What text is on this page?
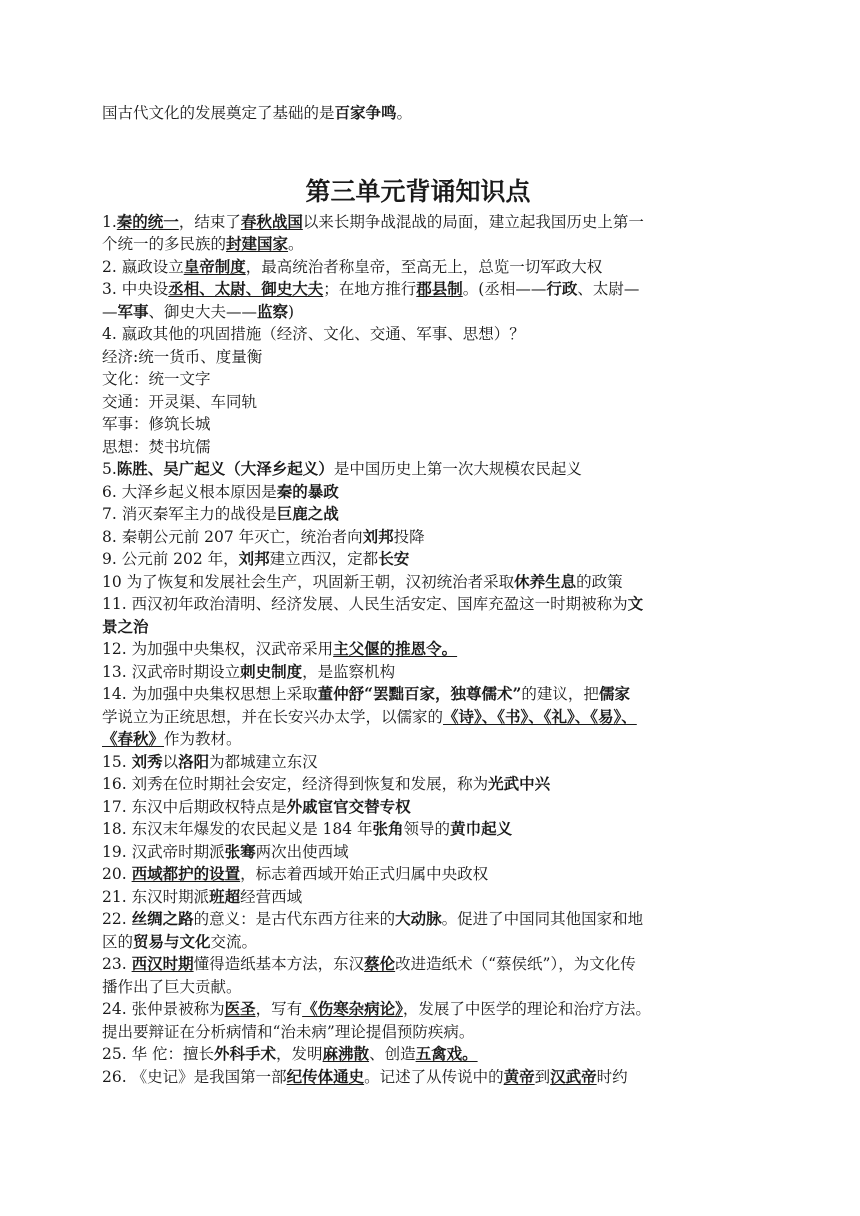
国古代文化的发展奠定了基础的是百家争鸣。
第三单元背诵知识点
1.秦的统一，结束了春秋战国以来长期争战混战的局面，建立起我国历史上第一
个统一的多民族的封建国家。
2. 嬴政设立皇帝制度，最高统治者称皇帝，至高无上，总览一切军政大权
3. 中央设丞相、太尉、御史大夫；在地方推行郡县制。(丞相——行政、太尉—
—军事、御史大夫——监察)
4. 嬴政其他的巩固措施（经济、文化、交通、军事、思想）？
经济:统一货币、度量衡
文化：统一文字
交通：开灵渠、车同轨
军事：修筑长城
思想：焚书坑儒
5.陈胜、吴广起义（大泽乡起义）是中国历史上第一次大规模农民起义
6. 大泽乡起义根本原因是秦的暴政
7. 消灭秦军主力的战役是巨鹿之战
8. 秦朝公元前 207 年灭亡，统治者向刘邦投降
9. 公元前 202 年，刘邦建立西汉，定都长安
10 为了恢复和发展社会生产，巩固新王朝，汉初统治者采取休养生息的政策
11. 西汉初年政治清明、经济发展、人民生活安定、国库充盈这一时期被称为文
景之治
12. 为加强中央集权，汉武帝采用主父偃的推恩令。
13. 汉武帝时期设立刺史制度，是监察机构
14. 为加强中央集权思想上采取董仲舒“罢黜百家，独尊儒术”的建议，把儒家
学说立为正统思想，并在长安兴办太学，以儒家的《诗》、《书》、《礼》、《易》、
《春秋》作为教材。
15. 刘秀以洛阳为都城建立东汉
16. 刘秀在位时期社会安定，经济得到恢复和发展，称为光武中兴
17. 东汉中后期政权特点是外戚宦官交替专权
18. 东汉末年爆发的农民起义是 184 年张角领导的黄巾起义
19. 汉武帝时期派张骞两次出使西域
20. 西域都护的设置，标志着西域开始正式归属中央政权
21. 东汉时期派班超经营西域
22. 丝绸之路的意义：是古代东西方往来的大动脉。促进了中国同其他国家和地
区的贸易与文化交流。
23. 西汉时期懂得造纸基本方法，东汉蔡伦改进造纸术（“蔡侯纸”），为文化传
播作出了巨大贡献。
24. 张仲景被称为医圣，写有《伤寒杂病论》，发展了中医学的理论和治疗方法。
提出要辩证在分析病情和“治未病”理论提倡预防疾病。
25. 华 佗：擅长外科手术，发明麻沸散、创造五禽戏。
26. 《史记》是我国第一部纪传体通史。记述了从传说中的黄帝到汉武帝时约
